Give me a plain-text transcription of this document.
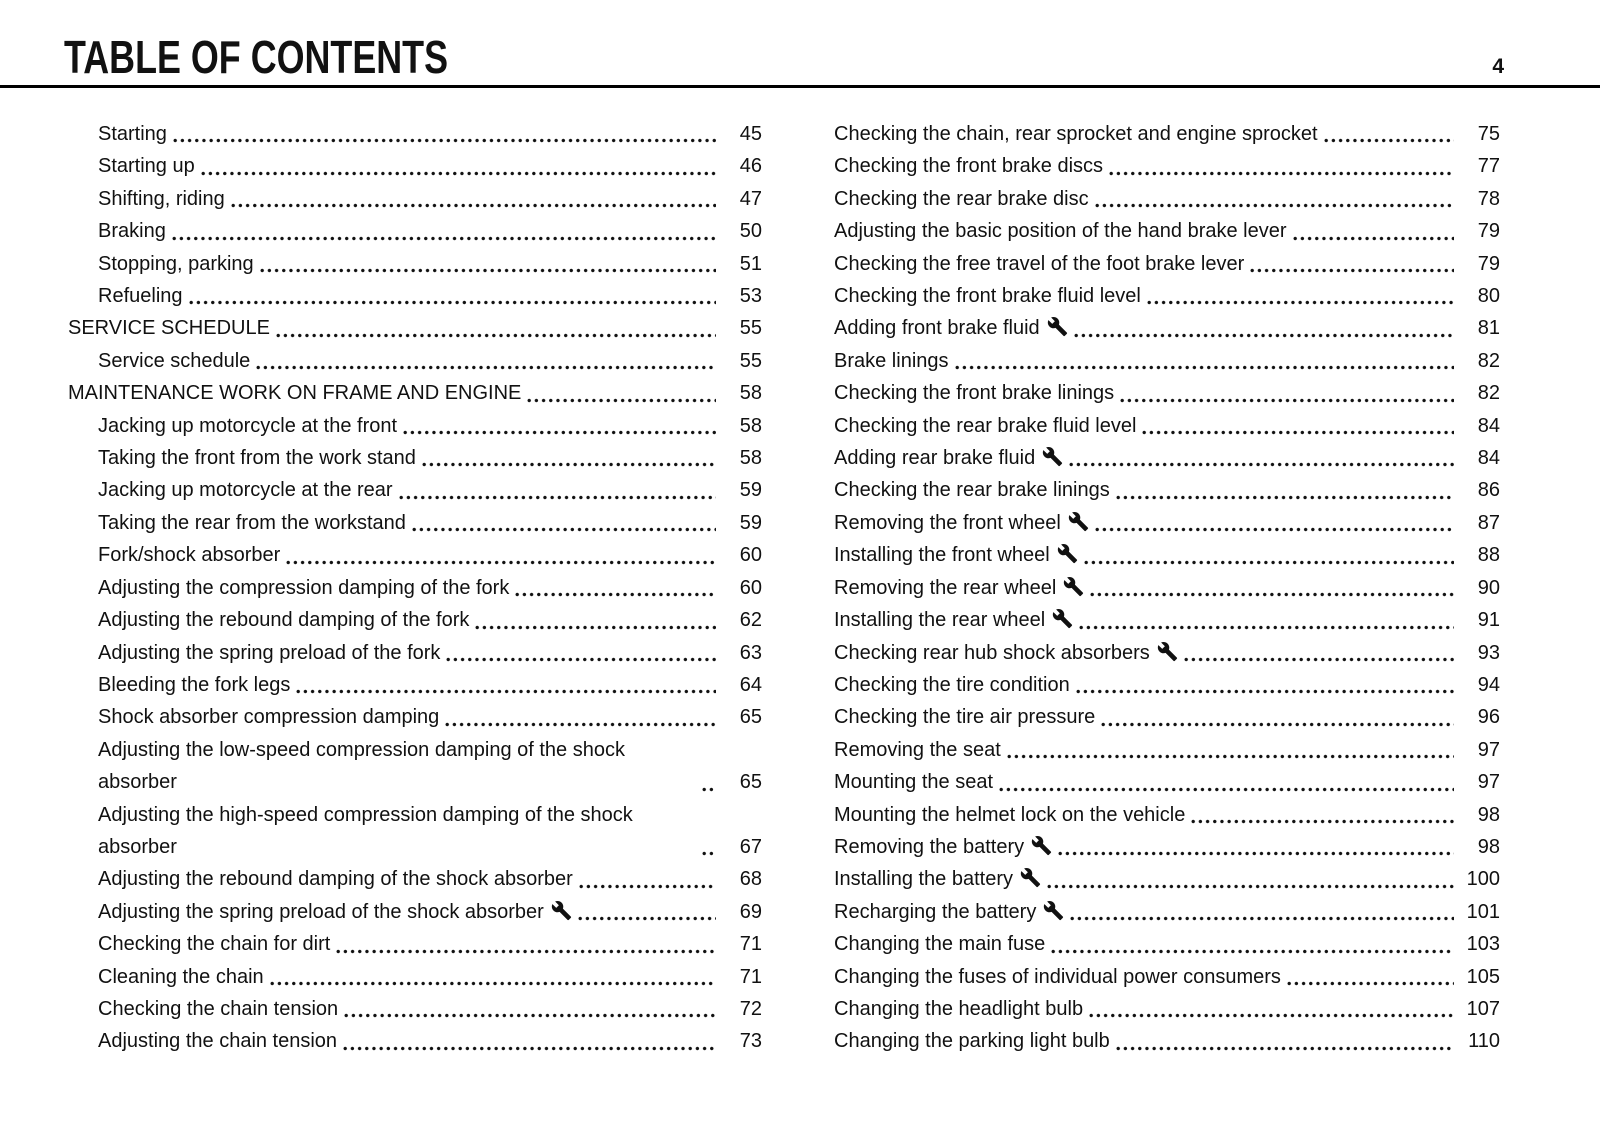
TABLE OF CONTENTS	4
Starting	45
Starting up	46
Shifting, riding	47
Braking	50
Stopping, parking	51
Refueling	53
SERVICE SCHEDULE	55
Service schedule	55
MAINTENANCE WORK ON FRAME AND ENGINE	58
Jacking up motorcycle at the front	58
Taking the front from the work stand	58
Jacking up motorcycle at the rear	59
Taking the rear from the workstand	59
Fork/shock absorber	60
Adjusting the compression damping of the fork	60
Adjusting the rebound damping of the fork	62
Adjusting the spring preload of the fork	63
Bleeding the fork legs	64
Shock absorber compression damping	65
Adjusting the low-speed compression damping of the shock absorber	65
Adjusting the high-speed compression damping of the shock absorber	67
Adjusting the rebound damping of the shock absorber	68
Adjusting the spring preload of the shock absorber	69
Checking the chain for dirt	71
Cleaning the chain	71
Checking the chain tension	72
Adjusting the chain tension	73
Checking the chain, rear sprocket and engine sprocket	75
Checking the front brake discs	77
Checking the rear brake disc	78
Adjusting the basic position of the hand brake lever	79
Checking the free travel of the foot brake lever	79
Checking the front brake fluid level	80
Adding front brake fluid	81
Brake linings	82
Checking the front brake linings	82
Checking the rear brake fluid level	84
Adding rear brake fluid	84
Checking the rear brake linings	86
Removing the front wheel	87
Installing the front wheel	88
Removing the rear wheel	90
Installing the rear wheel	91
Checking rear hub shock absorbers	93
Checking the tire condition	94
Checking the tire air pressure	96
Removing the seat	97
Mounting the seat	97
Mounting the helmet lock on the vehicle	98
Removing the battery	98
Installing the battery	100
Recharging the battery	101
Changing the main fuse	103
Changing the fuses of individual power consumers	105
Changing the headlight bulb	107
Changing the parking light bulb	110
